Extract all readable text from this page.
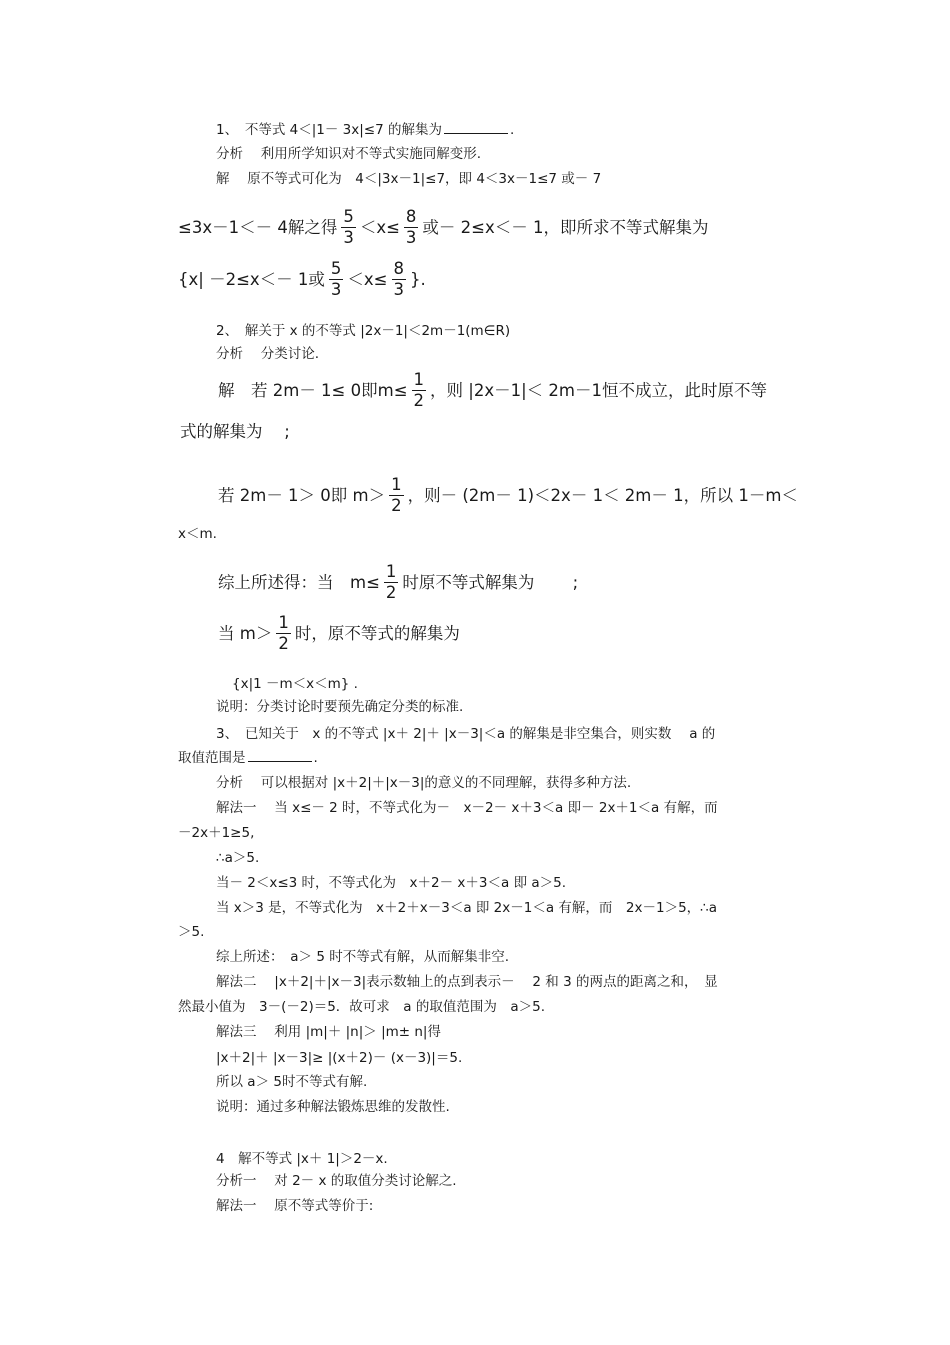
1、　不等式 4＜|1－ 3x|≤7 的解集为	.
分析　 利用所学知识对不等式实施同解变形.
解　 原不等式可化为　4＜|3x－1|≤7，即 4＜3x－1≤7 或－ 7
≤3x－1＜－ 4解之得 $\frac{5}{3} <x\le \frac{8}{3}$ 或－ 2≤x＜－ 1，即所求不等式解集为
{x| －2≤x＜－ 1或 $\frac{5}{3} <x\le \frac{8}{3}$ }.
2、　解关于 x 的不等式 |2x－1|＜2m－1(m∈R)
分析　 分类讨论.
解　若 2m－ 1≤ 0即$m\le \frac{1}{2}$ ，则 |2x－1|＜ 2m－1恒不成立，此时原不等
式的解集为　 ;
若 2m－ 1＞ 0即 $m> \frac{1}{2}$ ，则－ (2m－ 1)＜2x－ 1＜ 2m－ 1，所以 1－m＜
x＜m.
综上所述得：当　$m\le \frac{1}{2}$ 时原不等式解集为　　 ;
当 $m> \frac{1}{2}$ 时，原不等式的解集为
{x|1 －m＜x＜m} .
说明：分类讨论时要预先确定分类的标准.
3、　已知关于　x 的不等式 |x＋ 2|＋ |x－3|＜a 的解集是非空集合，则实数　 a 的
取值范围是	.
分析　 可以根据对 |x＋2|＋|x－3|的意义的不同理解，获得多种方法.
解法一　 当 x≤－ 2 时，不等式化为－　x－2－ x＋3＜a 即－ 2x＋1＜a 有解，而
－2x＋1≥5,
∴a＞5.
当－ 2＜x≤3 时，不等式化为　x＋2－ x＋3＜a 即 a＞5.
当 x＞3 是，不等式化为　x＋2＋x－3＜a 即 2x－1＜a 有解，而　2x－1＞5，∴a
＞5.
综上所述：　a＞ 5 时不等式有解，从而解集非空.
解法二　 |x＋2|＋|x－3|表示数轴上的点到表示－　 2 和 3 的两点的距离之和，　显
然最小值为　3－(－2)＝5．故可求　a 的取值范围为　a＞5.
解法三　 利用 |m|＋ |n|＞ |m± n|得
|x＋2|＋ |x－3|≥ |(x＋2)－ (x－3)|＝5.
所以 a＞ 5时不等式有解.
说明：通过多种解法锻炼思维的发散性.
4　解不等式 |x＋ 1|＞2－x.
分析一　 对 2－ x 的取值分类讨论解之.
解法一　 原不等式等价于:
